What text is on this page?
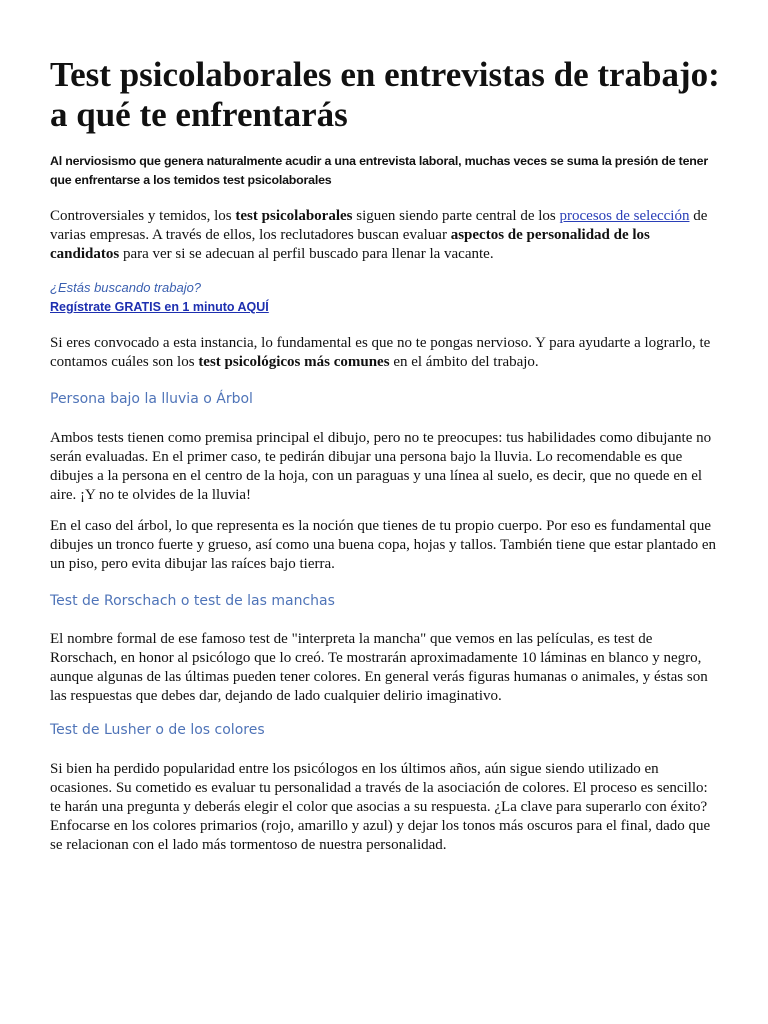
Test psicolaborales en entrevistas de trabajo: a qué te enfrentarás

Al nerviosismo que genera naturalmente acudir a una entrevista laboral, muchas veces se suma la presión de tener que enfrentarse a los temidos test psicolaborales

Controversiales y temidos, los test psicolaborales siguen siendo parte central de los procesos de selección de varias empresas. A través de ellos, los reclutadores buscan evaluar aspectos de personalidad de los candidatos para ver si se adecuan al perfil buscado para llenar la vacante.

¿Estás buscando trabajo?

Regístrate GRATIS en 1 minuto AQUÍ

Si eres convocado a esta instancia, lo fundamental es que no te pongas nervioso. Y para ayudarte a lograrlo, te contamos cuáles son los test psicológicos más comunes en el ámbito del trabajo.

Persona bajo la lluvia o Árbol

Ambos tests tienen como premisa principal el dibujo, pero no te preocupes: tus habilidades como dibujante no serán evaluadas. En el primer caso, te pedirán dibujar una persona bajo la lluvia. Lo recomendable es que dibujes a la persona en el centro de la hoja, con un paraguas y una línea al suelo, es decir, que no quede en el aire. ¡Y no te olvides de la lluvia!

En el caso del árbol, lo que representa es la noción que tienes de tu propio cuerpo. Por eso es fundamental que dibujes un tronco fuerte y grueso, así como una buena copa, hojas y tallos. También tiene que estar plantado en un piso, pero evita dibujar las raíces bajo tierra.

Test de Rorschach o test de las manchas

El nombre formal de ese famoso test de "interpreta la mancha" que vemos en las películas, es test de Rorschach, en honor al psicólogo que lo creó. Te mostrarán aproximadamente 10 láminas en blanco y negro, aunque algunas de las últimas pueden tener colores. En general verás figuras humanas o animales, y éstas son las respuestas que debes dar, dejando de lado cualquier delirio imaginativo.

Test de Lusher o de los colores

Si bien ha perdido popularidad entre los psicólogos en los últimos años, aún sigue siendo utilizado en ocasiones. Su cometido es evaluar tu personalidad a través de la asociación de colores. El proceso es sencillo: te harán una pregunta y deberás elegir el color que asocias a su respuesta. ¿La clave para superarlo con éxito? Enfocarse en los colores primarios (rojo, amarillo y azul) y dejar los tonos más oscuros para el final, dado que se relacionan con el lado más tormentoso de nuestra personalidad.
